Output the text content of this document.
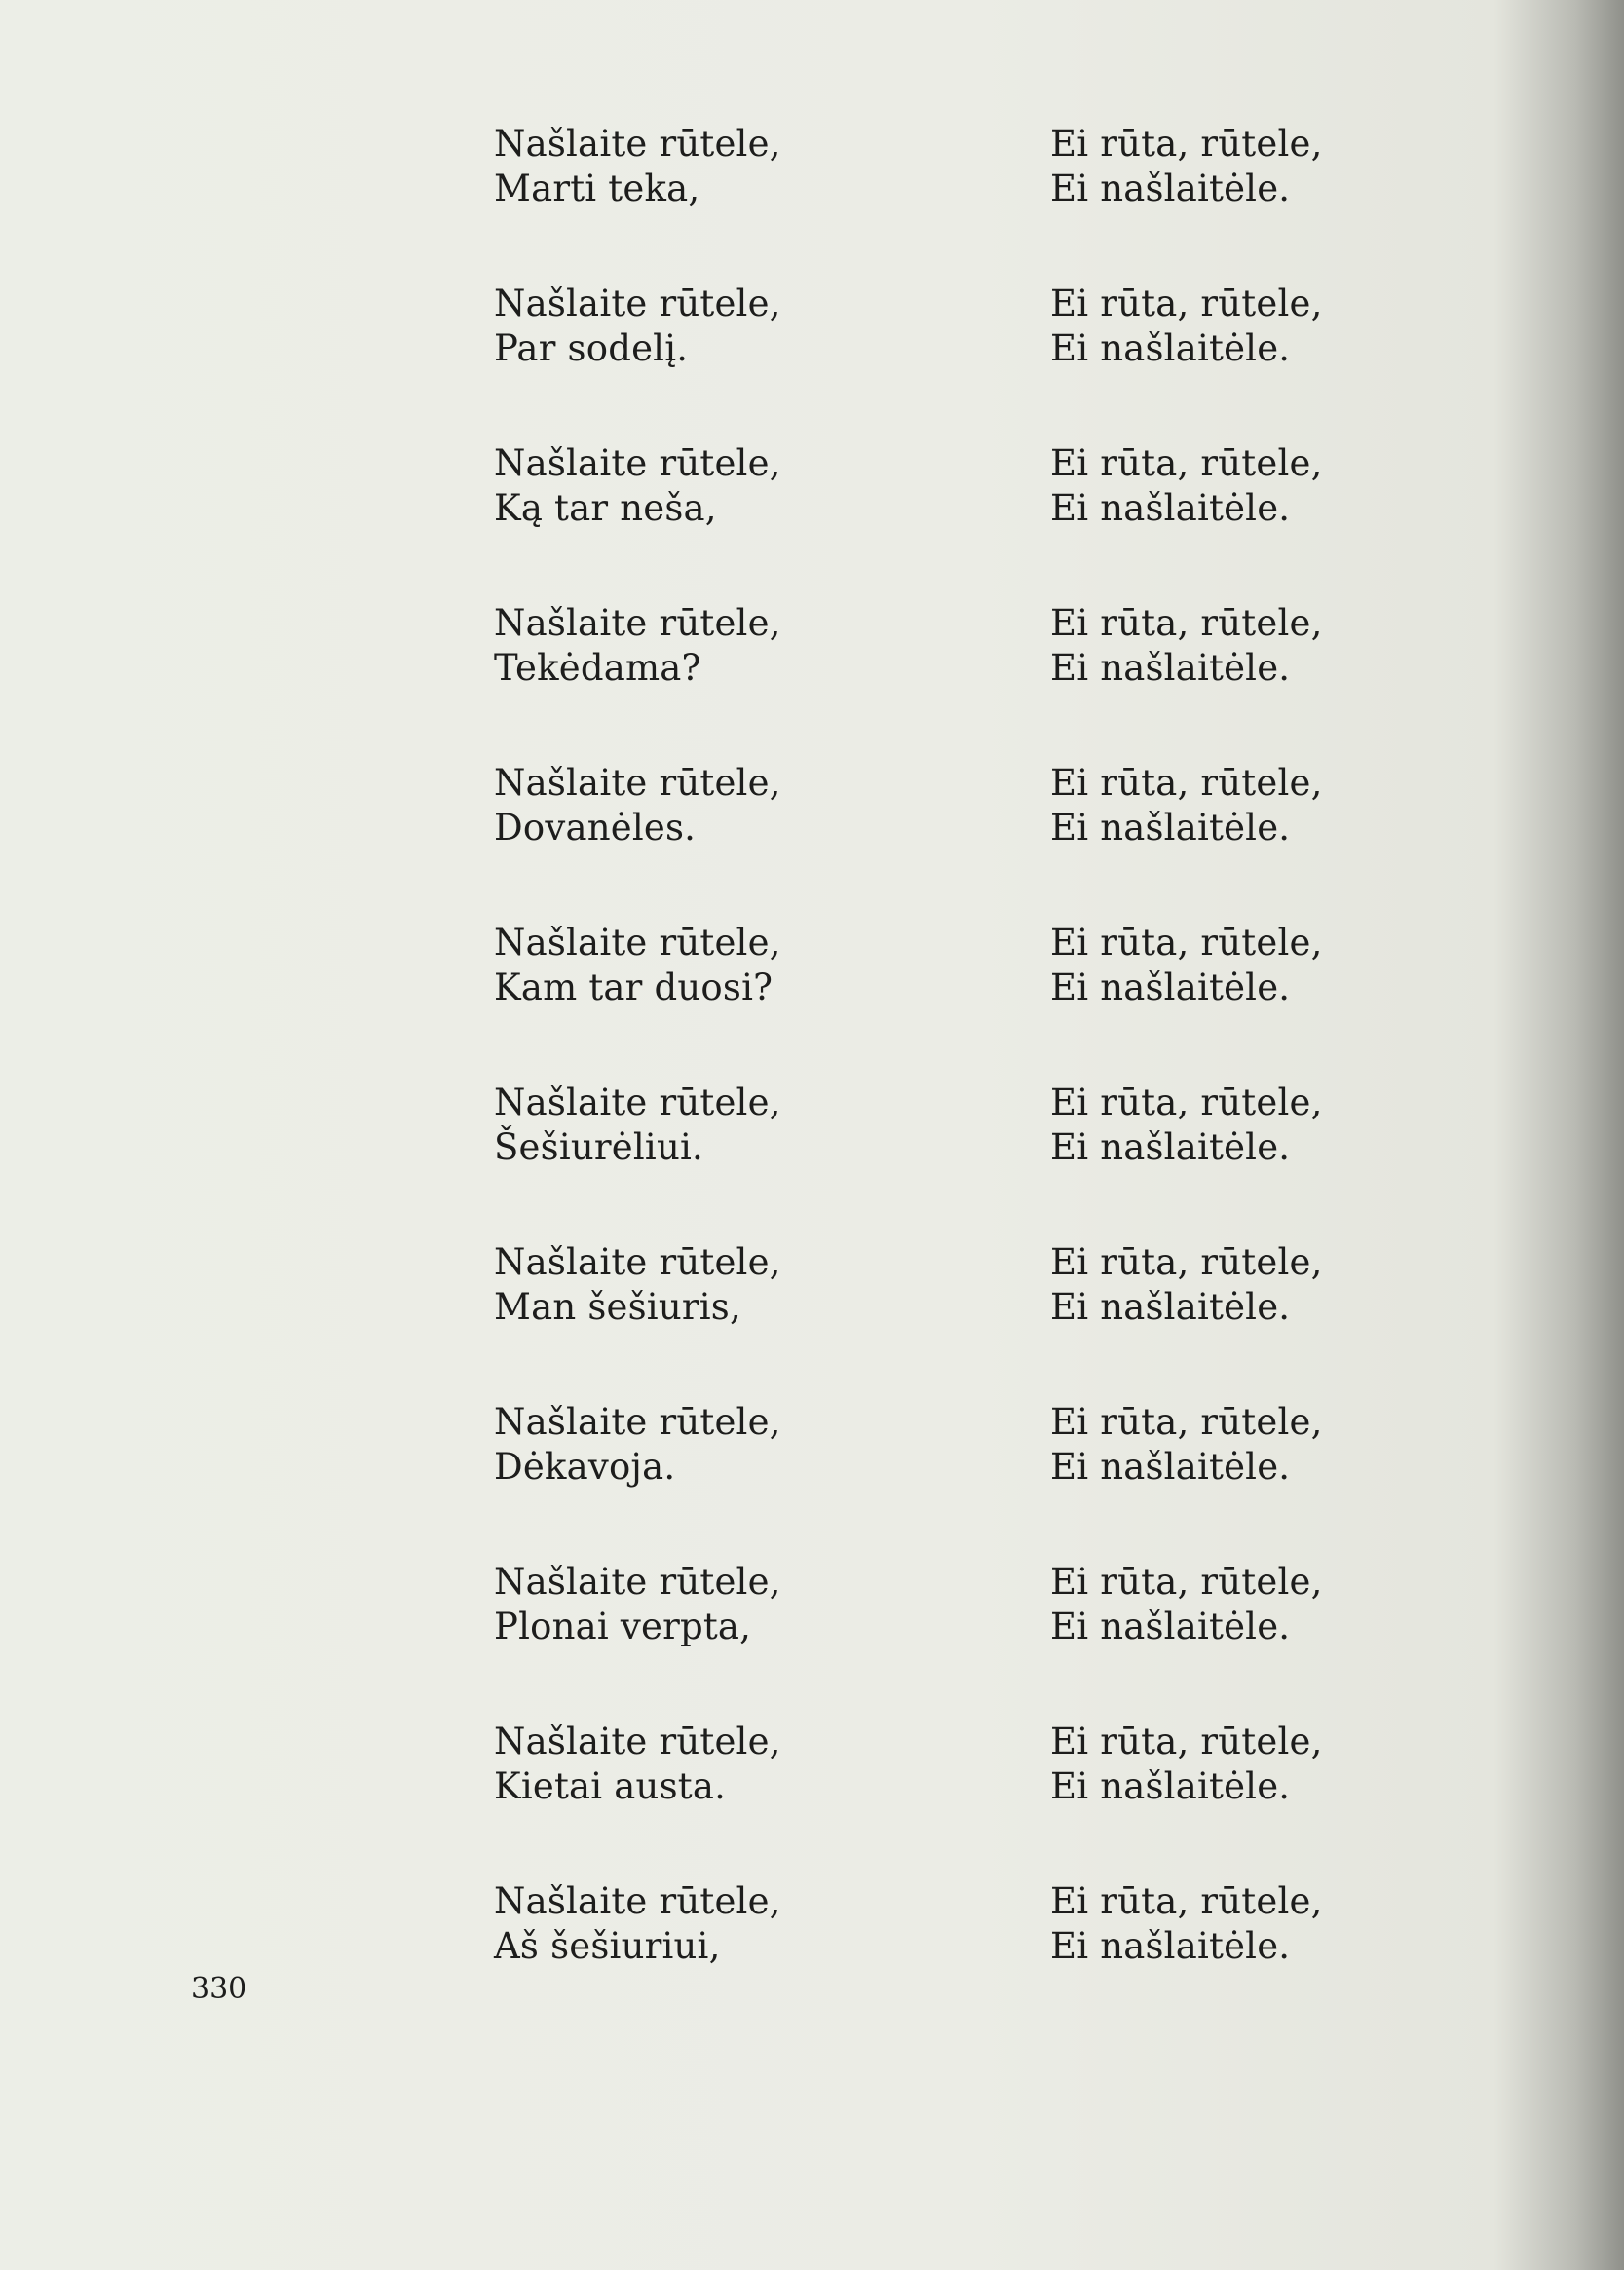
Našlaite rūtele,
Marti teka,
Ei rūta, rūtele,
Ei našlaitėle.
Našlaite rūtele,
Par sodelį.
Ei rūta, rūtele,
Ei našlaitėle.
Našlaite rūtele,
Ką tar neša,
Ei rūta, rūtele,
Ei našlaitėle.
Našlaite rūtele,
Tekėdama?
Ei rūta, rūtele,
Ei našlaitėle.
Našlaite rūtele,
Dovanėles.
Ei rūta, rūtele,
Ei našlaitėle.
Našlaite rūtele,
Kam tar duosi?
Ei rūta, rūtele,
Ei našlaitėle.
Našlaite rūtele,
Šešiurėliui.
Ei rūta, rūtele,
Ei našlaitėle.
Našlaite rūtele,
Man šešiuris,
Ei rūta, rūtele,
Ei našlaitėle.
Našlaite rūtele,
Dėkavoja.
Ei rūta, rūtele,
Ei našlaitėle.
Našlaite rūtele,
Plonai verpta,
Ei rūta, rūtele,
Ei našlaitėle.
Našlaite rūtele,
Kietai austa.
Ei rūta, rūtele,
Ei našlaitėle.
Našlaite rūtele,
Aš šešiuriui,
Ei rūta, rūtele,
Ei našlaitėle.
330
